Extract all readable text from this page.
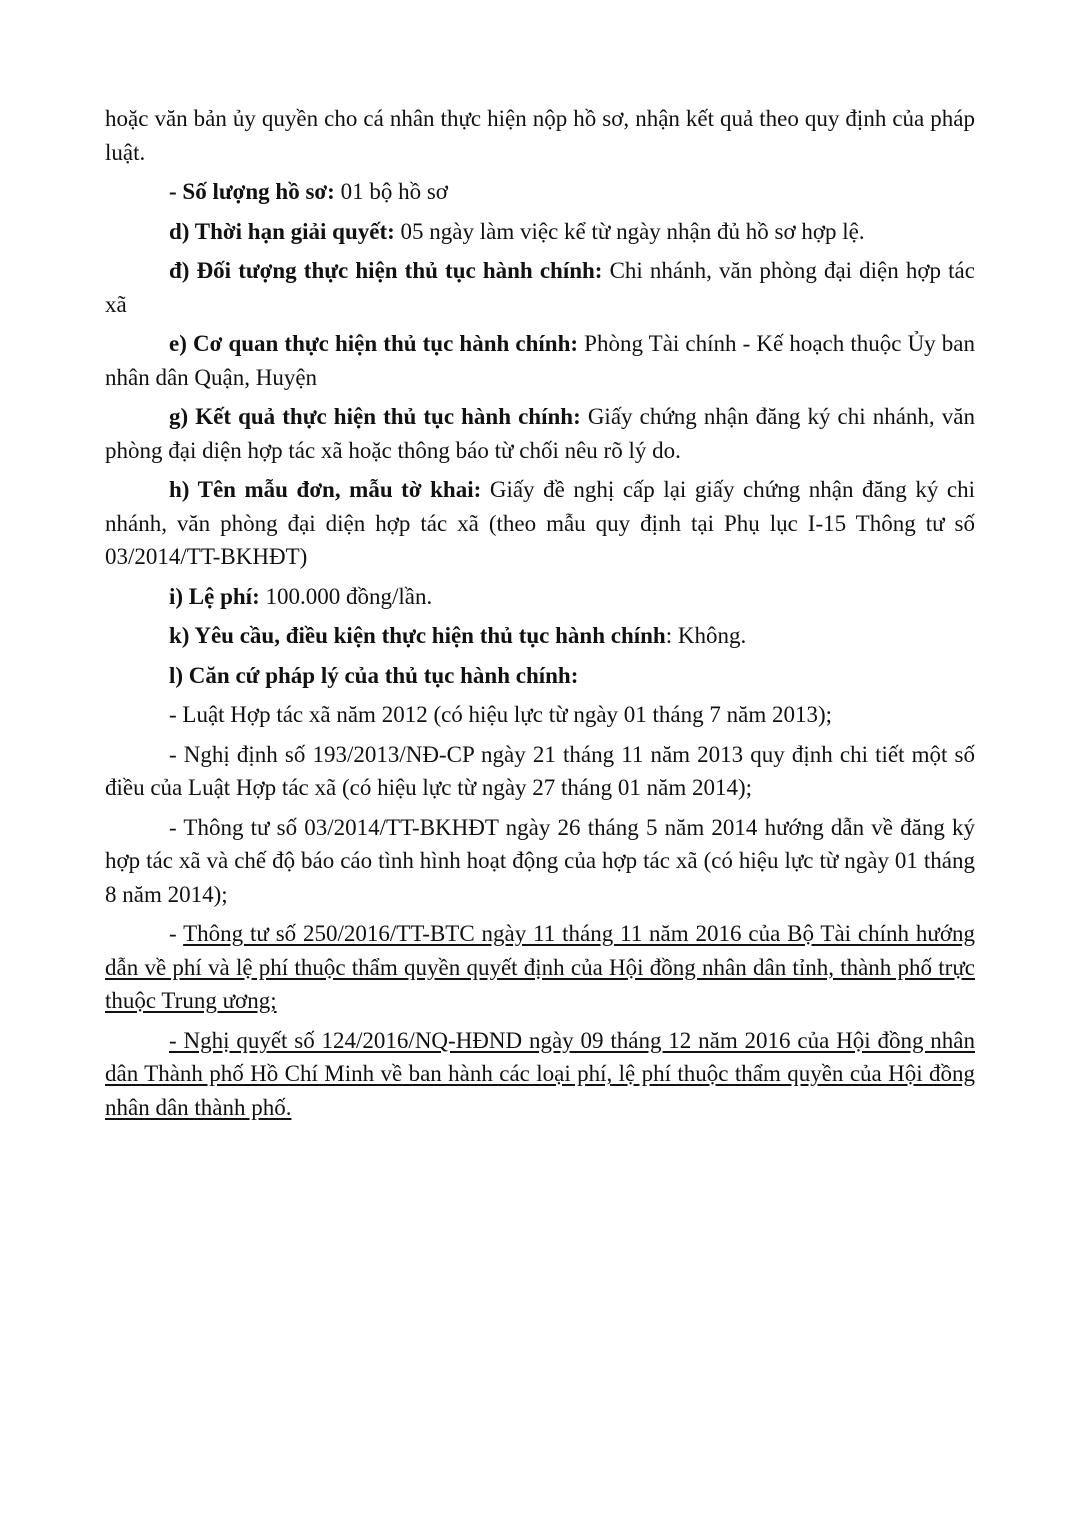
hoặc văn bản ủy quyền cho cá nhân thực hiện nộp hồ sơ, nhận kết quả theo quy định của pháp luật.

- Số lượng hồ sơ: 01 bộ hồ sơ

d) Thời hạn giải quyết: 05 ngày làm việc kể từ ngày nhận đủ hồ sơ hợp lệ.

đ) Đối tượng thực hiện thủ tục hành chính: Chi nhánh, văn phòng đại diện hợp tác xã

e) Cơ quan thực hiện thủ tục hành chính: Phòng Tài chính - Kế hoạch thuộc Ủy ban nhân dân Quận, Huyện

g) Kết quả thực hiện thủ tục hành chính: Giấy chứng nhận đăng ký chi nhánh, văn phòng đại diện hợp tác xã hoặc thông báo từ chối nêu rõ lý do.

h) Tên mẫu đơn, mẫu tờ khai: Giấy đề nghị cấp lại giấy chứng nhận đăng ký chi nhánh, văn phòng đại diện hợp tác xã (theo mẫu quy định tại Phụ lục I-15 Thông tư số 03/2014/TT-BKHĐT)

i) Lệ phí: 100.000 đồng/lần.

k) Yêu cầu, điều kiện thực hiện thủ tục hành chính: Không.

l) Căn cứ pháp lý của thủ tục hành chính:

- Luật Hợp tác xã năm 2012 (có hiệu lực từ ngày 01 tháng 7 năm 2013);

- Nghị định số 193/2013/NĐ-CP ngày 21 tháng 11 năm 2013 quy định chi tiết một số điều của Luật Hợp tác xã (có hiệu lực từ ngày 27 tháng 01 năm 2014);

- Thông tư số 03/2014/TT-BKHĐT ngày 26 tháng 5 năm 2014 hướng dẫn về đăng ký hợp tác xã và chế độ báo cáo tình hình hoạt động của hợp tác xã (có hiệu lực từ ngày 01 tháng 8 năm 2014);

- Thông tư số 250/2016/TT-BTC ngày 11 tháng 11 năm 2016 của Bộ Tài chính hướng dẫn về phí và lệ phí thuộc thẩm quyền quyết định của Hội đồng nhân dân tỉnh, thành phố trực thuộc Trung ương;

- Nghị quyết số 124/2016/NQ-HĐND ngày 09 tháng 12 năm 2016 của Hội đồng nhân dân Thành phố Hồ Chí Minh về ban hành các loại phí, lệ phí thuộc thẩm quyền của Hội đồng nhân dân thành phố.
